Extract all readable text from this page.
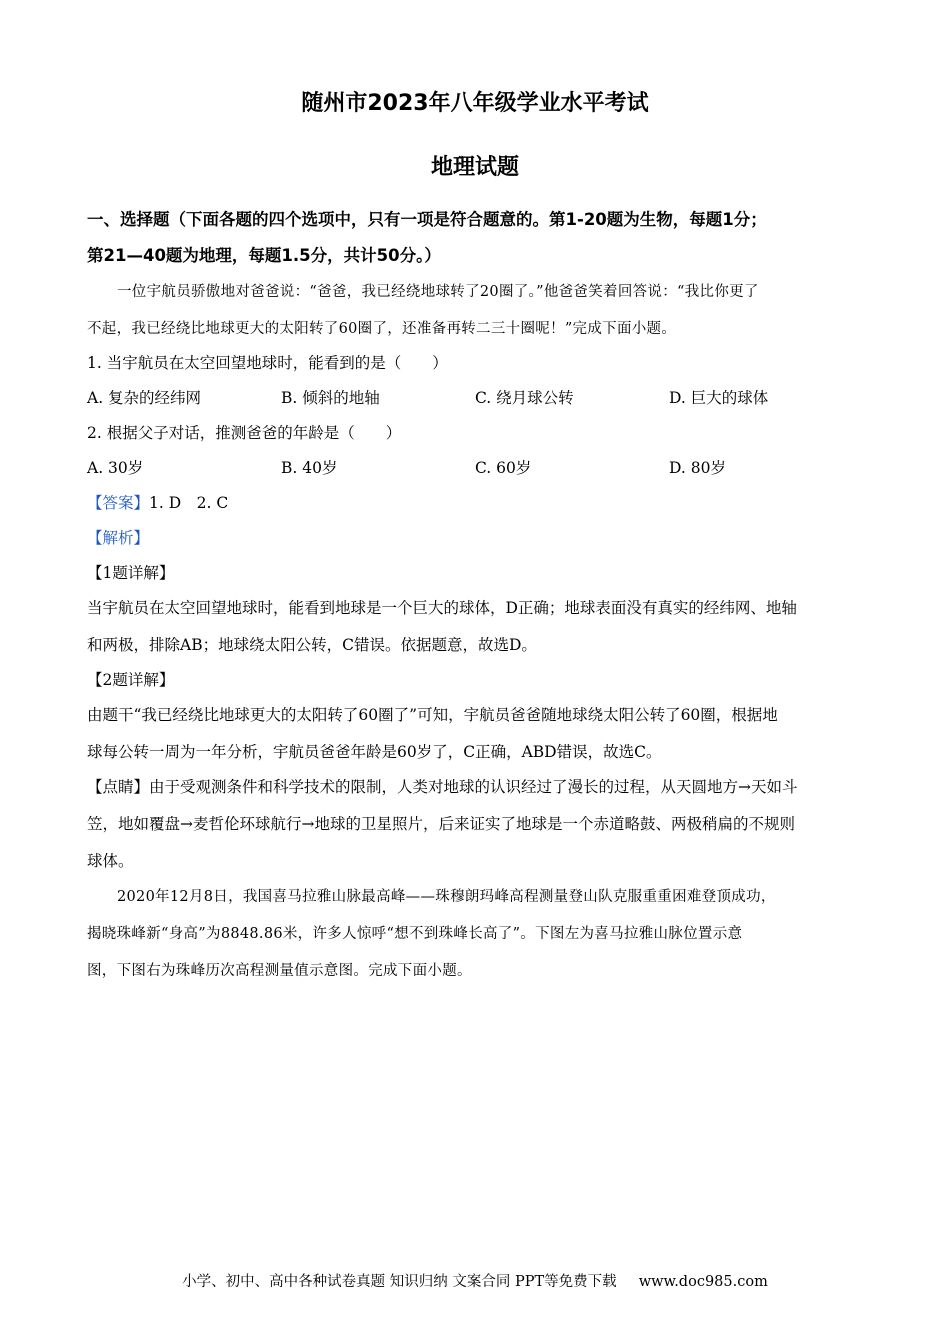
随州市2023年八年级学业水平考试
地理试题
一、选择题（下面各题的四个选项中，只有一项是符合题意的。第1-20题为生物，每题1分；
第21—40题为地理，每题1.5分，共计50分。）
一位宇航员骄傲地对爸爸说：“爸爸，我已经绕地球转了20圈了。”他爸爸笑着回答说：“我比你更了
不起，我已经绕比地球更大的太阳转了60圈了，还准备再转二三十圈呢！”完成下面小题。
1. 当宇航员在太空回望地球时，能看到的是（　　）
A. 复杂的经纬网	B. 倾斜的地轴	C. 绕月球公转	D. 巨大的球体
2. 根据父子对话，推测爸爸的年龄是（　　）
A. 30岁	B. 40岁	C. 60岁	D. 80岁
【答案】1. D　2. C
【解析】
【1题详解】
当宇航员在太空回望地球时，能看到地球是一个巨大的球体，D正确；地球表面没有真实的经纬网、地轴
和两极，排除AB；地球绕太阳公转，C错误。依据题意，故选D。
【2题详解】
由题干“我已经绕比地球更大的太阳转了60圈了”可知，宇航员爸爸随地球绕太阳公转了60圈，根据地
球每公转一周为一年分析，宇航员爸爸年龄是60岁了，C正确，ABD错误，故选C。
【点睛】由于受观测条件和科学技术的限制，人类对地球的认识经过了漫长的过程，从天圆地方→天如斗
笠，地如覆盘→麦哲伦环球航行→地球的卫星照片，后来证实了地球是一个赤道略鼓、两极稍扁的不规则
球体。
2020年12月8日，我国喜马拉雅山脉最高峰——珠穆朗玛峰高程测量登山队克服重重困难登顶成功，
揭晓珠峰新“身高”为8848.86米，许多人惊呼“想不到珠峰长高了”。下图左为喜马拉雅山脉位置示意
图，下图右为珠峰历次高程测量值示意图。完成下面小题。
小学、初中、高中各种试卷真题 知识归纳 文案合同 PPT等免费下载 www.doc985.com
